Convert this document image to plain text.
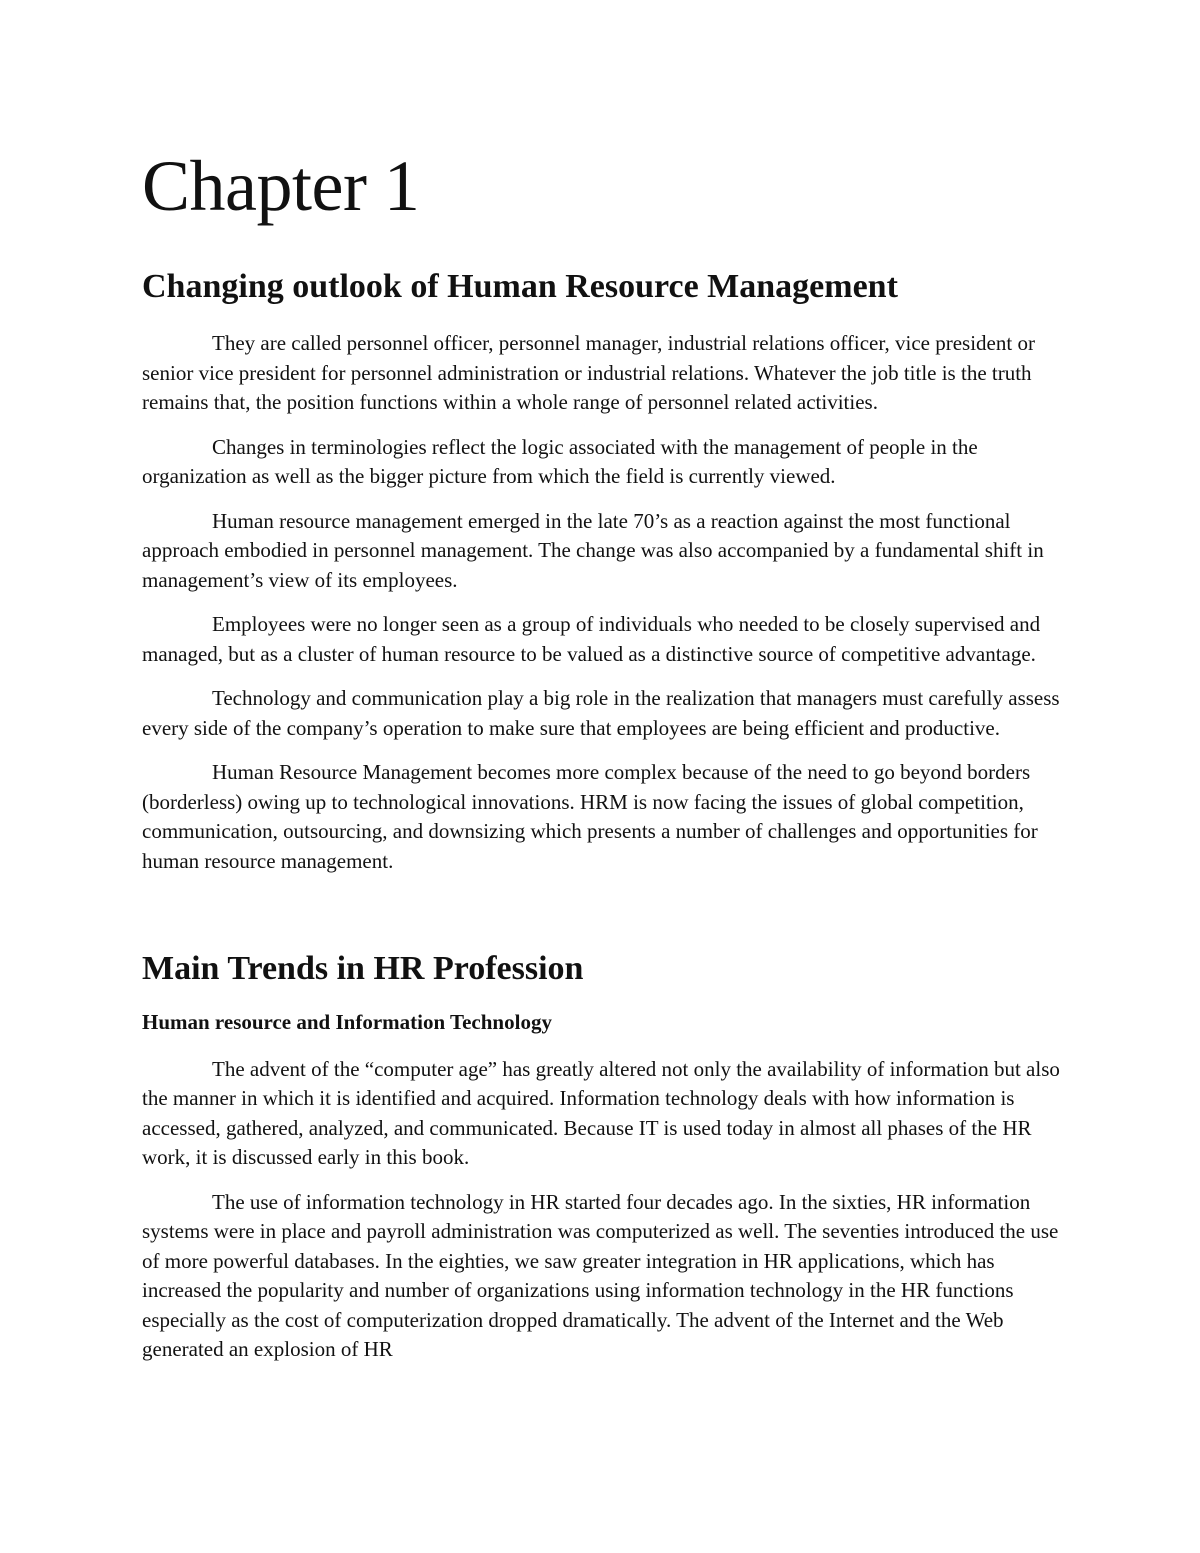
Chapter 1
Changing outlook of Human Resource Management

They are called personnel officer, personnel manager, industrial relations officer, vice president or senior vice president for personnel administration or industrial relations. Whatever the job title is the truth remains that, the position functions within a whole range of personnel related activities.

Changes in terminologies reflect the logic associated with the management of people in the organization as well as the bigger picture from which the field is currently viewed.

Human resource management emerged in the late 70’s as a reaction against the most functional approach embodied in personnel management. The change was also accompanied by a fundamental shift in management’s view of its employees.

Employees were no longer seen as a group of individuals who needed to be closely supervised and managed, but as a cluster of human resource to be valued as a distinctive source of competitive advantage.

Technology and communication play a big role in the realization that managers must carefully assess every side of the company’s operation to make sure that employees are being efficient and productive.

Human Resource Management becomes more complex because of the need to go beyond borders (borderless) owing up to technological innovations. HRM is now facing the issues of global competition, communication, outsourcing, and downsizing which presents a number of challenges and opportunities for human resource management.

Main Trends in HR Profession
Human resource and Information Technology

The advent of the “computer age” has greatly altered not only the availability of information but also the manner in which it is identified and acquired. Information technology deals with how information is accessed, gathered, analyzed, and communicated. Because IT is used today in almost all phases of the HR work, it is discussed early in this book.

The use of information technology in HR started four decades ago. In the sixties, HR information systems were in place and payroll administration was computerized as well. The seventies introduced the use of more powerful databases. In the eighties, we saw greater integration in HR applications, which has increased the popularity and number of organizations using information technology in the HR functions especially as the cost of computerization dropped dramatically. The advent of the Internet and the Web generated an explosion of HR
